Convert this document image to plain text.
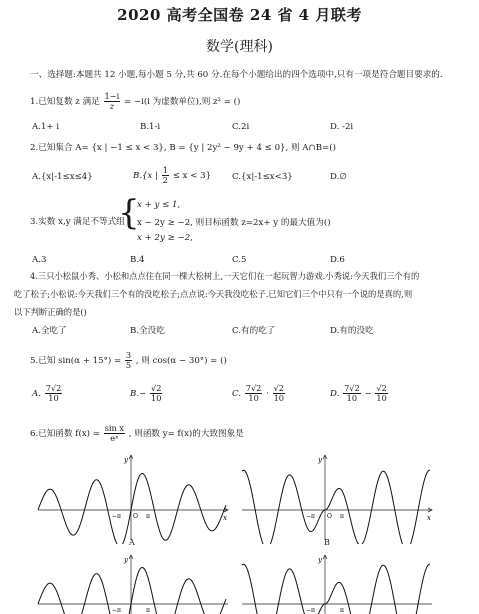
2020 高考全国卷 24 省 4 月联考
数学(理科)
一、选择题:本题共 12 小题,每小题 5 分,共 60 分.在每个小题给出的四个选项中,只有一项是符合题目要求的.
1.已知复数 z 满足 $\frac{1-i}{z} = -i(i$ 为虚数单位),则 z² = ()
A.1+ i	B.1-i	C.2i	D. -2i
2.已知集合 A= {x | −1 ≤ x < 3}, B = {y | 2y² − 9y + 4 ≤ 0}, 则 A∩B=()
A.{x|-1≤x≤4}	B.{x | $\frac{1}{2} \le x < 3$} C.{x|-1≤x<3}	D.∅
3.实数 x,y 满足不等式组
{
x + y ≤ 1,
x − 2y ≥ −2, 则目标函数 z=2x+ y 的最大值为()
x + 2y ≥ −2,
A.3	B.4	C.5	D.6
4.三只小松鼠小秀、小松和点点住在同一棵大松树上,一天它们在一起玩智力游戏.小秀说:今天我们三个有的
吃了松子;小松说:今天我们三个有的没吃松子;点点说:今天我没吃松子.已知它们三个中只有一个说的是真的,则
以下判断正确的是()
A.全吃了	B.全没吃	C.有的吃了	D.有的没吃
5.已知 $\sin(\alpha + 15^\circ) = \frac{3}{5}$ , 则 cos(α − 30°) = ()
A. $\frac{7√2}{10}$	$B.- \frac{√2}{10}$	C. $\frac{7√2}{10} \cdot \frac{√2}{10}$	D. $\frac{7√2}{10} - \frac{√2}{10}$
6.已知函数 $f(x) = \frac{\text{sin x}}{\text{eˣ}}$ , 则函数 y= f(x)的大致图象是
y
x
O
−π	π
A
y
x
O
−π	π
B
y
−π	π
y
−π	π
